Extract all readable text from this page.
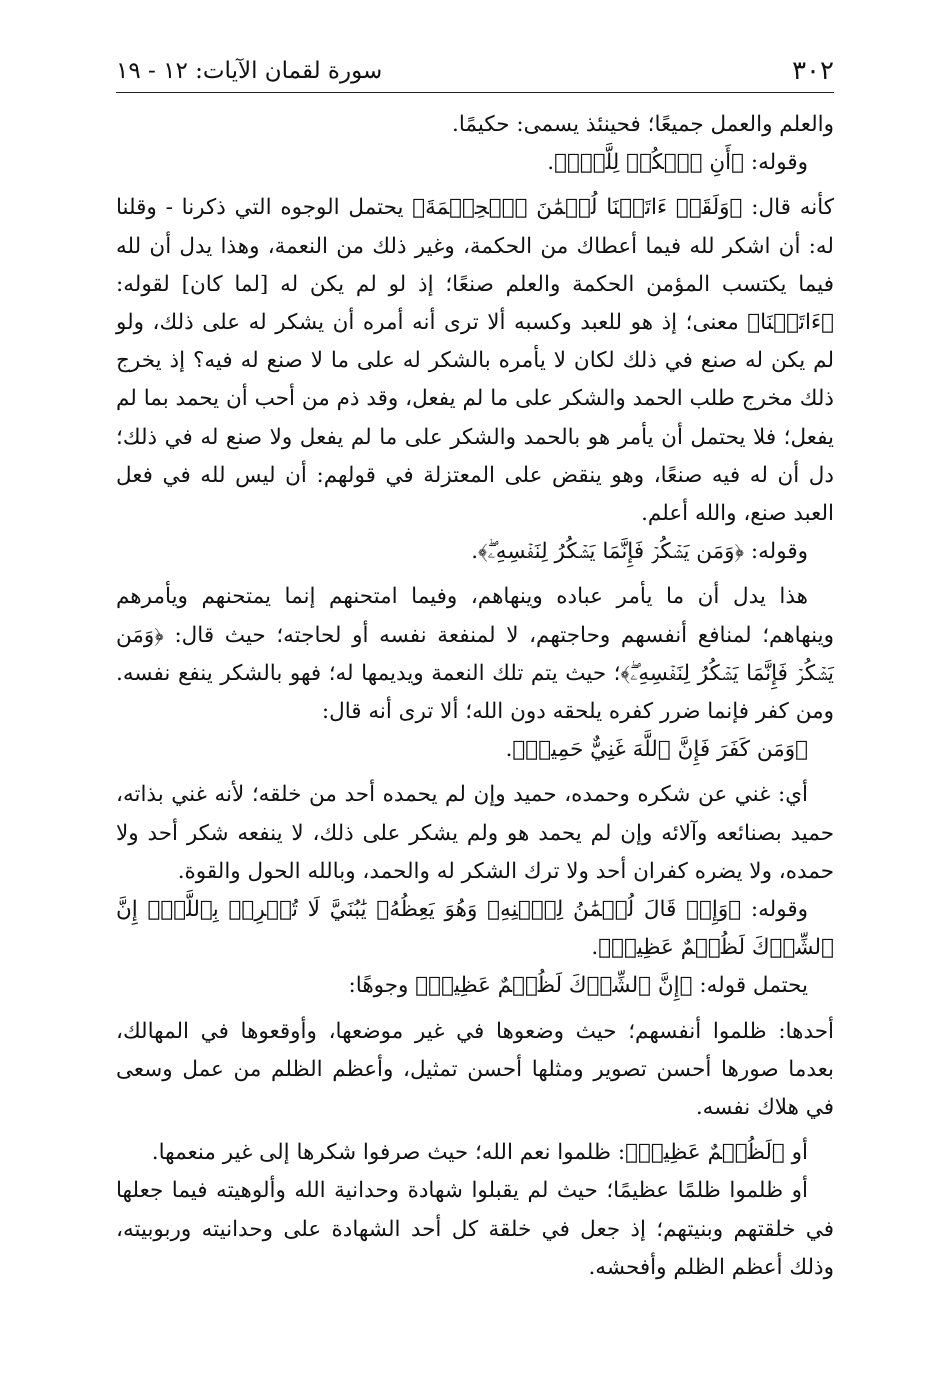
٣٠٢
سورة لقمان الآيات: ١٢ - ١٩

والعلم والعمل جميعًا؛ فحينئذ يسمى: حكيمًا.

وقوله: ﴿أَنِ ٱشۡكُرۡ لِلَّهِۚ﴾.

كأنه قال: ﴿وَلَقَدۡ ءَاتَيۡنَا لُقۡمَٰنَ ٱلۡحِكۡمَةَ﴾ يحتمل الوجوه التي ذكرنا - وقلنا له: أن اشكر لله فيما أعطاك من الحكمة، وغير ذلك من النعمة، وهذا يدل أن لله فيما يكتسب المؤمن الحكمة والعلم صنعًا؛ إذ لو لم يكن له [لما كان] لقوله: ﴿ءَاتَيۡنَا﴾ معنى؛ إذ هو للعبد وكسبه ألا ترى أنه أمره أن يشكر له على ذلك، ولو لم يكن له صنع في ذلك لكان لا يأمره بالشكر له على ما لا صنع له فيه؟ إذ يخرج ذلك مخرج طلب الحمد والشكر على ما لم يفعل، وقد ذم من أحب أن يحمد بما لم يفعل؛ فلا يحتمل أن يأمر هو بالحمد والشكر على ما لم يفعل ولا صنع له في ذلك؛ دل أن له فيه صنعًا، وهو ينقض على المعتزلة في قولهم: أن ليس لله في فعل العبد صنع، والله أعلم.

وقوله: ﴿وَمَن يَشۡكُرۡ فَإِنَّمَا يَشۡكُرُ لِنَفۡسِهِۦۖ﴾.

هذا يدل أن ما يأمر عباده وينهاهم، وفيما امتحنهم إنما يمتحنهم ويأمرهم وينهاهم؛ لمنافع أنفسهم وحاجتهم، لا لمنفعة نفسه أو لحاجته؛ حيث قال: ﴿وَمَن يَشۡكُرۡ فَإِنَّمَا يَشۡكُرُ لِنَفۡسِهِۦۖ﴾؛ حيث يتم تلك النعمة ويديمها له؛ فهو بالشكر ينفع نفسه. ومن كفر فإنما ضرر كفره يلحقه دون الله؛ ألا ترى أنه قال:

﴿وَمَن كَفَرَ فَإِنَّ ٱللَّهَ غَنِيٌّ حَمِيدٞ﴾.

أي: غني عن شكره وحمده، حميد وإن لم يحمده أحد من خلقه؛ لأنه غني بذاته، حميد بصنائعه وآلائه وإن لم يحمد هو ولم يشكر على ذلك، لا ينفعه شكر أحد ولا حمده، ولا يضره كفران أحد ولا ترك الشكر له والحمد، وبالله الحول والقوة.

وقوله: ﴿وَإِذۡ قَالَ لُقۡمَٰنُ لِٱبۡنِهِۦ وَهُوَ يَعِظُهُۥ يَٰبُنَيَّ لَا تُشۡرِكۡ بِٱللَّهِۖ إِنَّ ٱلشِّرۡكَ لَظُلۡمٌ عَظِيمٞ﴾.

يحتمل قوله: ﴿إِنَّ ٱلشِّرۡكَ لَظُلۡمٌ عَظِيمٞ﴾ وجوهًا:

أحدها: ظلموا أنفسهم؛ حيث وضعوها في غير موضعها، وأوقعوها في المهالك، بعدما صورها أحسن تصوير ومثلها أحسن تمثيل، وأعظم الظلم من عمل وسعى في هلاك نفسه.

أو ﴿لَظُلۡمٌ عَظِيمٞ﴾: ظلموا نعم الله؛ حيث صرفوا شكرها إلى غير منعمها.

أو ظلموا ظلمًا عظيمًا؛ حيث لم يقبلوا شهادة وحدانية الله وألوهيته فيما جعلها في خلقتهم وبنيتهم؛ إذ جعل في خلقة كل أحد الشهادة على وحدانيته وربوبيته، وذلك أعظم الظلم وأفحشه.
